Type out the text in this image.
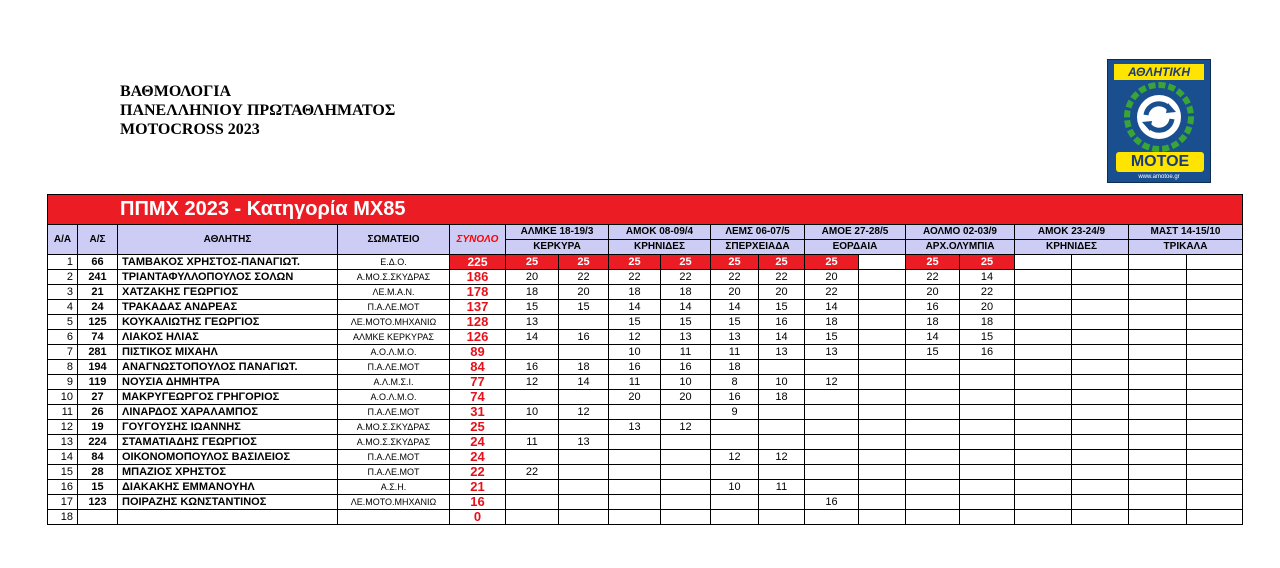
ΒΑΘΜΟΛΟΓΙΑ
ΠΑΝΕΛΛΗΝΙΟΥ ΠΡΩΤΑΘΛΗΜΑΤΟΣ
MOTOCROSS 2023
ΑΘΛΗΤΙΚΗ
MOTOE
www.amotoe.gr
ΠΠΜΧ 2023 - Κατηγορία MX85																		
Α/Α	Α/Σ	ΑΘΛΗΤΗΣ	ΣΩΜΑΤΕΙΟ	ΣΥΝΟΛΟ	ΑΛΜΚΕ 18-19/3		ΑΜΟΚ 08-09/4		ΛΕΜΣ 06-07/5		ΑΜΟΕ 27-28/5		ΑΟΛΜΟ 02-03/9		ΑΜΟΚ 23-24/9		ΜΑΣΤ 14-15/10	
					ΚΕΡΚΥΡΑ		ΚΡΗΝΙΔΕΣ		ΣΠΕΡΧΕΙΑΔΑ		ΕΟΡΔΑΙΑ		ΑΡΧ.ΟΛΥΜΠΙΑ		ΚΡΗΝΙΔΕΣ		ΤΡΙΚΑΛΑ	
1	66	ΤΑΜΒΑΚΟΣ ΧΡΗΣΤΟΣ-ΠΑΝΑΓΙΩΤ.	Ε.Δ.Ο.	225	25	25	25	25	25	25	25		25	25				
2	241	ΤΡΙΑΝΤΑΦΥΛΛΟΠΟΥΛΟΣ ΣΟΛΩΝ	Α.ΜΟ.Σ.ΣΚΥΔΡΑΣ	186	20	22	22	22	22	22	20		22	14				
3	21	ΧΑΤΖΑΚΗΣ ΓΕΩΡΓΙΟΣ	ΛΕ.Μ.Α.Ν.	178	18	20	18	18	20	20	22		20	22				
4	24	ΤΡΑΚΑΔΑΣ ΑΝΔΡΕΑΣ	Π.Α.ΛΕ.ΜΟΤ	137	15	15	14	14	14	15	14		16	20				
5	125	ΚΟΥΚΑΛΙΩΤΗΣ ΓΕΩΡΓΙΟΣ	ΛΕ.ΜΟΤΟ.ΜΗΧΑΝΙΩ	128	13		15	15	15	16	18		18	18				
6	74	ΛΙΑΚΟΣ ΗΛΙΑΣ	ΑΛΜΚΕ ΚΕΡΚΥΡΑΣ	126	14	16	12	13	13	14	15		14	15				
7	281	ΠΙΣΤΙΚΟΣ ΜΙΧΑΗΛ	Α.Ο.Λ.Μ.Ο.	89			10	11	11	13	13		15	16				
8	194	ΑΝΑΓΝΩΣΤΟΠΟΥΛΟΣ ΠΑΝΑΓΙΩΤ.	Π.Α.ΛΕ.ΜΟΤ	84	16	18	16	16	18									
9	119	ΝΟΥΣΙΑ ΔΗΜΗΤΡΑ	Α.Λ.Μ.Σ.Ι.	77	12	14	11	10	8	10	12							
10	27	ΜΑΚΡΥΓΕΩΡΓΟΣ ΓΡΗΓΟΡΙΟΣ	Α.Ο.Λ.Μ.Ο.	74			20	20	16	18								
11	26	ΛΙΝΑΡΔΟΣ ΧΑΡΑΛΑΜΠΟΣ	Π.Α.ΛΕ.ΜΟΤ	31	10	12			9									
12	19	ΓΟΥΓΟΥΣΗΣ ΙΩΑΝΝΗΣ	Α.ΜΟ.Σ.ΣΚΥΔΡΑΣ	25			13	12										
13	224	ΣΤΑΜΑΤΙΑΔΗΣ ΓΕΩΡΓΙΟΣ	Α.ΜΟ.Σ.ΣΚΥΔΡΑΣ	24	11	13												
14	84	ΟΙΚΟΝΟΜΟΠΟΥΛΟΣ ΒΑΣΙΛΕΙΟΣ	Π.Α.ΛΕ.ΜΟΤ	24					12	12								
15	28	ΜΠΑΖΙΟΣ ΧΡΗΣΤΟΣ	Π.Α.ΛΕ.ΜΟΤ	22	22													
16	15	ΔΙΑΚΑΚΗΣ ΕΜΜΑΝΟΥΗΛ	Α.Σ.Η.	21					10	11								
17	123	ΠΟΙΡΑΖΗΣ ΚΩΝΣΤΑΝΤΙΝΟΣ	ΛΕ.ΜΟΤΟ.ΜΗΧΑΝΙΩ	16							16							
18				0														
